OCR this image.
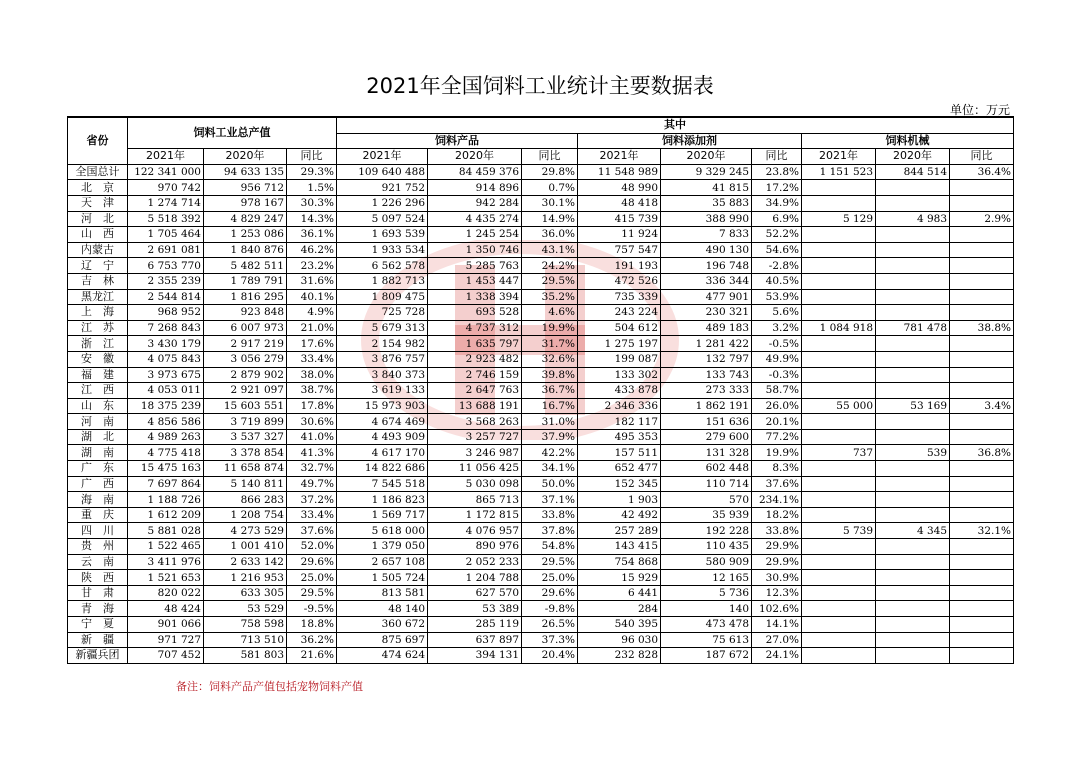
2021年全国饲料工业统计主要数据表
单位：万元
省份	饲料工业总产值			其中								
				饲料产品			饲料添加剂			饲料机械		
	2021年	2020年	同比	2021年	2020年	同比	2021年	2020年	同比	2021年	2020年	同比
全国总计	122 341 000	94 633 135	29.3%	109 640 488	84 459 376	29.8%	11 548 989	9 329 245	23.8%	1 151 523	844 514	36.4%
北　京	970 742	956 712	1.5%	921 752	914 896	0.7%	48 990	41 815	17.2%			
天　津	1 274 714	978 167	30.3%	1 226 296	942 284	30.1%	48 418	35 883	34.9%			
河　北	5 518 392	4 829 247	14.3%	5 097 524	4 435 274	14.9%	415 739	388 990	6.9%	5 129	4 983	2.9%
山　西	1 705 464	1 253 086	36.1%	1 693 539	1 245 254	36.0%	11 924	7 833	52.2%			
内蒙古	2 691 081	1 840 876	46.2%	1 933 534	1 350 746	43.1%	757 547	490 130	54.6%			
辽　宁	6 753 770	5 482 511	23.2%	6 562 578	5 285 763	24.2%	191 193	196 748	-2.8%			
吉　林	2 355 239	1 789 791	31.6%	1 882 713	1 453 447	29.5%	472 526	336 344	40.5%			
黑龙江	2 544 814	1 816 295	40.1%	1 809 475	1 338 394	35.2%	735 339	477 901	53.9%			
上　海	968 952	923 848	4.9%	725 728	693 528	4.6%	243 224	230 321	5.6%			
江　苏	7 268 843	6 007 973	21.0%	5 679 313	4 737 312	19.9%	504 612	489 183	3.2%	1 084 918	781 478	38.8%
浙　江	3 430 179	2 917 219	17.6%	2 154 982	1 635 797	31.7%	1 275 197	1 281 422	-0.5%			
安　徽	4 075 843	3 056 279	33.4%	3 876 757	2 923 482	32.6%	199 087	132 797	49.9%			
福　建	3 973 675	2 879 902	38.0%	3 840 373	2 746 159	39.8%	133 302	133 743	-0.3%			
江　西	4 053 011	2 921 097	38.7%	3 619 133	2 647 763	36.7%	433 878	273 333	58.7%			
山　东	18 375 239	15 603 551	17.8%	15 973 903	13 688 191	16.7%	2 346 336	1 862 191	26.0%	55 000	53 169	3.4%
河　南	4 856 586	3 719 899	30.6%	4 674 469	3 568 263	31.0%	182 117	151 636	20.1%			
湖　北	4 989 263	3 537 327	41.0%	4 493 909	3 257 727	37.9%	495 353	279 600	77.2%			
湖　南	4 775 418	3 378 854	41.3%	4 617 170	3 246 987	42.2%	157 511	131 328	19.9%	737	539	36.8%
广　东	15 475 163	11 658 874	32.7%	14 822 686	11 056 425	34.1%	652 477	602 448	8.3%			
广　西	7 697 864	5 140 811	49.7%	7 545 518	5 030 098	50.0%	152 345	110 714	37.6%			
海　南	1 188 726	866 283	37.2%	1 186 823	865 713	37.1%	1 903	570	234.1%			
重　庆	1 612 209	1 208 754	33.4%	1 569 717	1 172 815	33.8%	42 492	35 939	18.2%			
四　川	5 881 028	4 273 529	37.6%	5 618 000	4 076 957	37.8%	257 289	192 228	33.8%	5 739	4 345	32.1%
贵　州	1 522 465	1 001 410	52.0%	1 379 050	890 976	54.8%	143 415	110 435	29.9%			
云　南	3 411 976	2 633 142	29.6%	2 657 108	2 052 233	29.5%	754 868	580 909	29.9%			
陕　西	1 521 653	1 216 953	25.0%	1 505 724	1 204 788	25.0%	15 929	12 165	30.9%			
甘　肃	820 022	633 305	29.5%	813 581	627 570	29.6%	6 441	5 736	12.3%			
青　海	48 424	53 529	-9.5%	48 140	53 389	-9.8%	284	140	102.6%			
宁　夏	901 066	758 598	18.8%	360 672	285 119	26.5%	540 395	473 478	14.1%			
新　疆	971 727	713 510	36.2%	875 697	637 897	37.3%	96 030	75 613	27.0%			
新疆兵团	707 452	581 803	21.6%	474 624	394 131	20.4%	232 828	187 672	24.1%			
备注：饲料产品产值包括宠物饲料产值
